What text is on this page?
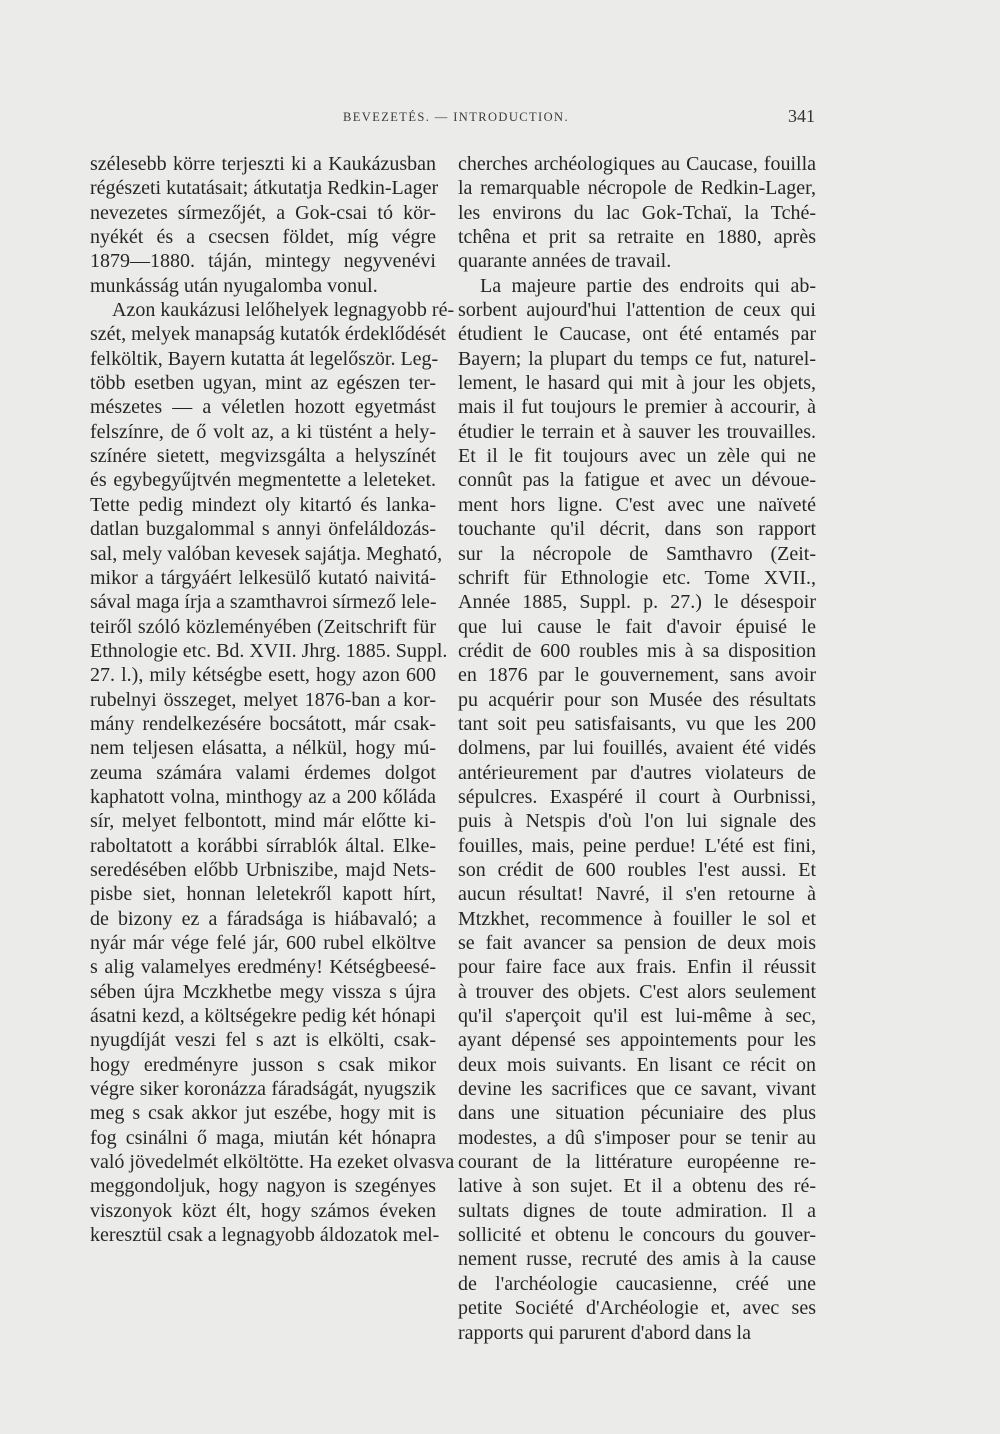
BEVEZETÉS. — INTRODUCTION.	341
szélesebb körre terjeszti ki a Kaukázusban
régészeti kutatásait; átkutatja Redkin-Lager
nevezetes sírmezőjét, a Gok-csai tó kör-
nyékét és a csecsen földet, míg végre
1879—1880. táján, mintegy negyvenévi
munkásság után nyugalomba vonul.
Azon kaukázusi lelőhelyek legnagyobb ré-
szét, melyek manapság kutatók érdeklődését
felköltik, Bayern kutatta át legelőször. Leg-
több esetben ugyan, mint az egészen ter-
mészetes — a véletlen hozott egyetmást
felszínre, de ő volt az, a ki tüstént a hely-
színére sietett, megvizsgálta a helyszínét
és egybegyűjtvén megmentette a leleteket.
Tette pedig mindezt oly kitartó és lanka-
datlan buzgalommal s annyi önfeláldozás-
sal, mely valóban kevesek sajátja. Megható,
mikor a tárgyáért lelkesülő kutató naivitá-
sával maga írja a szamthavroi sírmező lele-
teiről szóló közleményében (Zeitschrift für
Ethnologie etc. Bd. XVII. Jhrg. 1885. Suppl.
27. l.), mily kétségbe esett, hogy azon 600
rubelnyi összeget, melyet 1876-ban a kor-
mány rendelkezésére bocsátott, már csak-
nem teljesen elásatta, a nélkül, hogy mú-
zeuma számára valami érdemes dolgot
kaphatott volna, minthogy az a 200 kőláda
sír, melyet felbontott, mind már előtte ki-
raboltatott a korábbi sírrablók által. Elke-
seredésében előbb Urbniszibe, majd Nets-
pisbe siet, honnan leletekről kapott hírt,
de bizony ez a fáradsága is hiábavaló; a
nyár már vége felé jár, 600 rubel elköltve
s alig valamelyes eredmény! Kétségbeesé-
sében újra Mczkhetbe megy vissza s újra
ásatni kezd, a költségekre pedig két hónapi
nyugdíját veszi fel s azt is elkölti, csak-
hogy eredményre jusson s csak mikor
végre siker koronázza fáradságát, nyugszik
meg s csak akkor jut eszébe, hogy mit is
fog csinálni ő maga, miután két hónapra
való jövedelmét elköltötte. Ha ezeket olvasva
meggondoljuk, hogy nagyon is szegényes
viszonyok közt élt, hogy számos éveken
keresztül csak a legnagyobb áldozatok mel-
cherches archéologiques au Caucase, fouilla
la remarquable nécropole de Redkin-Lager,
les environs du lac Gok-Tchaï, la Tché-
tchêna et prit sa retraite en 1880, après
quarante années de travail.
La majeure partie des endroits qui ab-
sorbent aujourd'hui l'attention de ceux qui
étudient le Caucase, ont été entamés par
Bayern; la plupart du temps ce fut, naturel-
lement, le hasard qui mit à jour les objets,
mais il fut toujours le premier à accourir, à
étudier le terrain et à sauver les trouvailles.
Et il le fit toujours avec un zèle qui ne
connût pas la fatigue et avec un dévoue-
ment hors ligne. C'est avec une naïveté
touchante qu'il décrit, dans son rapport
sur la nécropole de Samthavro (Zeit-
schrift für Ethnologie etc. Tome XVII.,
Année 1885, Suppl. p. 27.) le désespoir
que lui cause le fait d'avoir épuisé le
crédit de 600 roubles mis à sa disposition
en 1876 par le gouvernement, sans avoir
pu acquérir pour son Musée des résultats
tant soit peu satisfaisants, vu que les 200
dolmens, par lui fouillés, avaient été vidés
antérieurement par d'autres violateurs de
sépulcres. Exaspéré il court à Ourbnissi,
puis à Netspis d'où l'on lui signale des
fouilles, mais, peine perdue! L'été est fini,
son crédit de 600 roubles l'est aussi. Et
aucun résultat! Navré, il s'en retourne à
Mtzkhet, recommence à fouiller le sol et
se fait avancer sa pension de deux mois
pour faire face aux frais. Enfin il réussit
à trouver des objets. C'est alors seulement
qu'il s'aperçoit qu'il est lui-même à sec,
ayant dépensé ses appointements pour les
deux mois suivants. En lisant ce récit on
devine les sacrifices que ce savant, vivant
dans une situation pécuniaire des plus
modestes, a dû s'imposer pour se tenir au
courant de la littérature européenne re-
lative à son sujet. Et il a obtenu des ré-
sultats dignes de toute admiration. Il a
sollicité et obtenu le concours du gouver-
nement russe, recruté des amis à la cause
de l'archéologie caucasienne, créé une
petite Société d'Archéologie et, avec ses
rapports qui parurent d'abord dans la
